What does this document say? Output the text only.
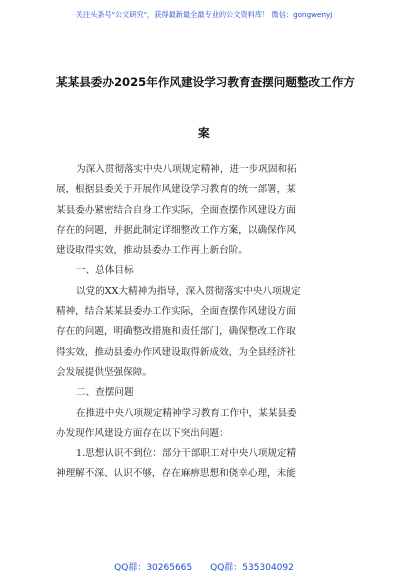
关注头条号"公文研究"，获得最新最全最专业的公文资料库！ 微信：gongwenyj
某某县委办2025年作风建设学习教育查摆问题整改工作方
案
为深入贯彻落实中央八项规定精神，进一步巩固和拓
展，根据县委关于开展作风建设学习教育的统一部署，某
某县委办紧密结合自身工作实际，全面查摆作风建设方面
存在的问题，并据此制定详细整改工作方案，以确保作风
建设取得实效，推动县委办工作再上新台阶。
一、总体目标
以党的XX大精神为指导，深入贯彻落实中央八项规定
精神，结合某某县委办工作实际，全面查摆作风建设方面
存在的问题，明确整改措施和责任部门，确保整改工作取
得实效，推动县委办作风建设取得新成效，为全县经济社
会发展提供坚强保障。
二、查摆问题
在推进中央八项规定精神学习教育工作中，某某县委
办发现作风建设方面存在以下突出问题：
1.思想认识不到位：部分干部职工对中央八项规定精
神理解不深、认识不够，存在麻痹思想和侥幸心理，未能
QQ群：30265665 QQ群：535304092
